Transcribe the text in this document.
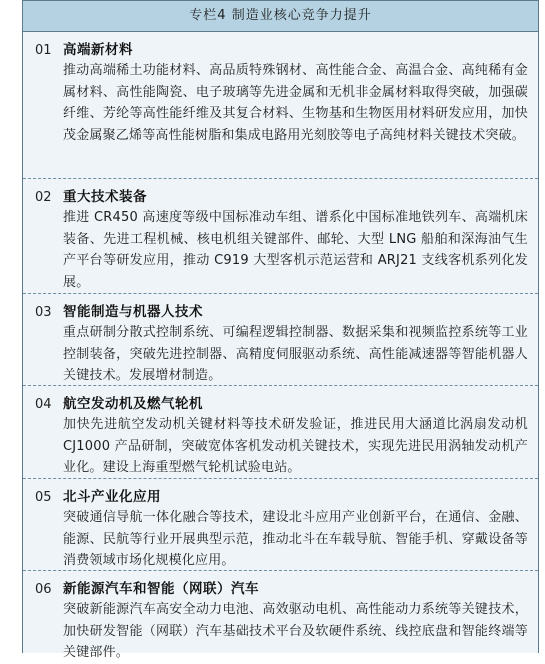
专栏4 制造业核心竞争力提升
01 高端新材料
推动高端稀土功能材料、高品质特殊钢材、高性能合金、高温合金、高纯稀有金属材料、高性能陶瓷、电子玻璃等先进金属和无机非金属材料取得突破，加强碳纤维、芳纶等高性能纤维及其复合材料、生物基和生物医用材料研发应用，加快茂金属聚乙烯等高性能树脂和集成电路用光刻胶等电子高纯材料关键技术突破。
02 重大技术装备
推进 CR450 高速度等级中国标准动车组、谱系化中国标准地铁列车、高端机床装备、先进工程机械、核电机组关键部件、邮轮、大型 LNG 船舶和深海油气生产平台等研发应用，推动 C919 大型客机示范运营和 ARJ21 支线客机系列化发展。
03 智能制造与机器人技术
重点研制分散式控制系统、可编程逻辑控制器、数据采集和视频监控系统等工业控制装备，突破先进控制器、高精度伺服驱动系统、高性能减速器等智能机器人关键技术。发展增材制造。
04 航空发动机及燃气轮机
加快先进航空发动机关键材料等技术研发验证，推进民用大涵道比涡扇发动机 CJ1000 产品研制，突破宽体客机发动机关键技术，实现先进民用涡轴发动机产业化。建设上海重型燃气轮机试验电站。
05 北斗产业化应用
突破通信导航一体化融合等技术，建设北斗应用产业创新平台，在通信、金融、能源、民航等行业开展典型示范，推动北斗在车载导航、智能手机、穿戴设备等消费领域市场化规模化应用。
06 新能源汽车和智能（网联）汽车
突破新能源汽车高安全动力电池、高效驱动电机、高性能动力系统等关键技术，加快研发智能（网联）汽车基础技术平台及软硬件系统、线控底盘和智能终端等关键部件。
